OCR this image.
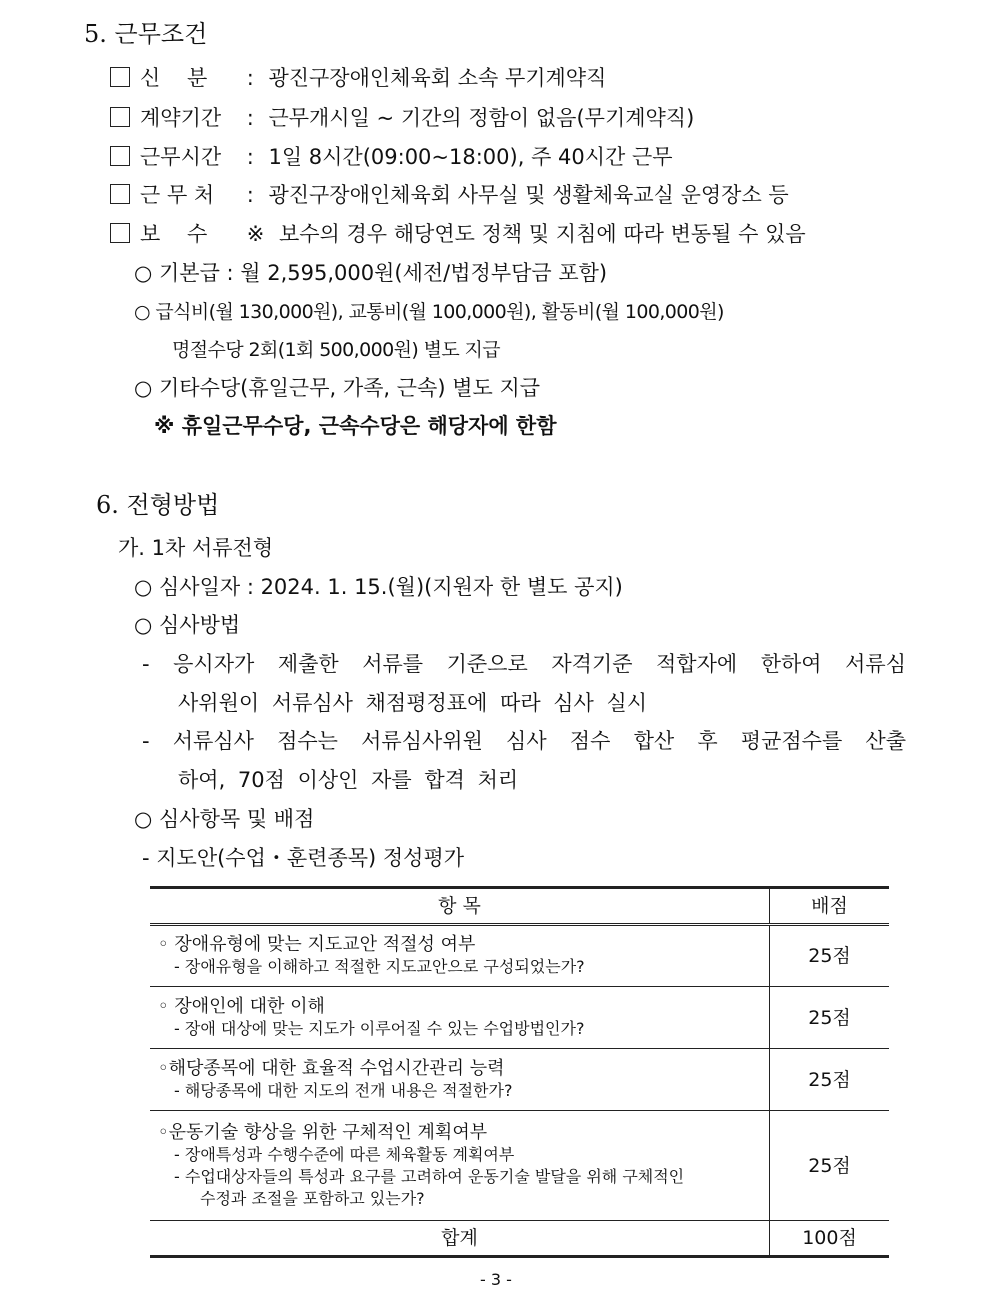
5. 근무조건
신    분 : 광진구장애인체육회 소속 무기계약직
계약기간 : 근무개시일 ~ 기간의 정함이 없음(무기계약직)
근무시간 : 1일 8시간(09:00~18:00), 주 40시간 근무
근 무 처 : 광진구장애인체육회 사무실 및 생활체육교실 운영장소 등
보    수 ※ 보수의 경우 해당연도 정책 및 지침에 따라 변동될 수 있음
○ 기본급 : 월 2,595,000원(세전/법정부담금 포함)
○ 급식비(월 130,000원), 교통비(월 100,000원), 활동비(월 100,000원)
명절수당 2회(1회 500,000원) 별도 지급
○ 기타수당(휴일근무, 가족, 근속) 별도 지급
※ 휴일근무수당, 근속수당은 해당자에 한함
6. 전형방법
가. 1차 서류전형
○ 심사일자 : 2024. 1. 15.(월)(지원자 한 별도 공지)
○ 심사방법
- 응시자가 제출한 서류를 기준으로 자격기준 적합자에 한하여 서류심
사위원이 서류심사 채점평정표에 따라 심사 실시
- 서류심사 점수는 서류심사위원 심사 점수 합산 후 평균점수를 산출
하여, 70점 이상인 자를 합격 처리
○ 심사항목 및 배점
- 지도안(수업・훈련종목) 정성평가
항 목	배점

◦ 장애유형에 맞는 지도교안 적절성 여부
- 장애유형을 이해하고 적절한 지도교안으로 구성되었는가?	25점

◦ 장애인에 대한 이해
- 장애 대상에 맞는 지도가 이루어질 수 있는 수업방법인가?	25점

◦해당종목에 대한 효율적 수업시간관리 능력
- 해당종목에 대한 지도의 전개 내용은 적절한가?	25점

◦운동기술 향상을 위한 구체적인 계획여부
- 장애특성과 수행수준에 따른 체육활동 계획여부
- 수업대상자들의 특성과 요구를 고려하여 운동기술 발달을 위해 구체적인
수정과 조절을 포함하고 있는가?	25점
합계	100점
- 3 -
